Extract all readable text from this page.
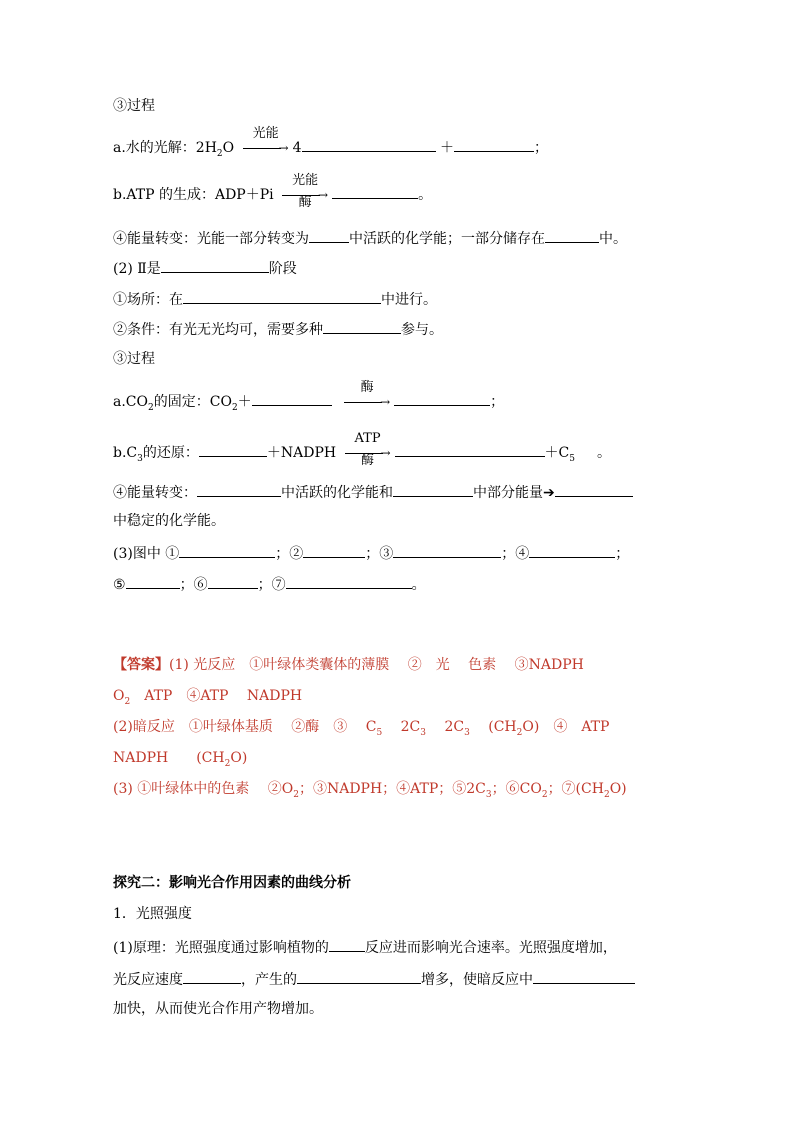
③过程
a.水的光解：$2H_2O$
光能
→ 4	＋	；
b.ATP 的生成：ADP＋Pi
光能
→
酶	。
④能量转变：光能一部分转变为	中活跃的化学能；一部分储存在	中。
(2) Ⅱ是	阶段
①场所：在	中进行。
②条件：有光无光均可，需要多种	参与。
③过程
$a.CO_2$的固定：$CO_2+$
酶
→	；
$b.C_3$的还原：	＋NADPH
ATP
→
酶	$+C_5$ 。
④能量转变：	中活跃的化学能和	中部分能量➔
中稳定的化学能。
(3)图中 ①	；②	；③	；④	；
⑤	；⑥	；⑦	。
【答案】(1) 光反应　①叶绿体类囊体的薄膜　 ②　光　 色素　 ③NADPH
$O_2$　ATP　④ATP　 NADPH
(2)暗反应　①叶绿体基质　 ②酶　③　 $C_5$　 $2C_3$　 $2C_3$　 $(CH_2O)$　④　ATP
NADPH　　$(CH_2O)$
(3) ①叶绿体中的色素　 $②O_2$；③NADPH；④ATP；$⑤2C_3$；$⑥CO_2$；$⑦(CH_2O)$
探究二：影响光合作用因素的曲线分析
1．光照强度
(1)原理：光照强度通过影响植物的	反应进而影响光合速率。光照强度增加，
光反应速度	，产生的	增多，使暗反应中
加快，从而使光合作用产物增加。
